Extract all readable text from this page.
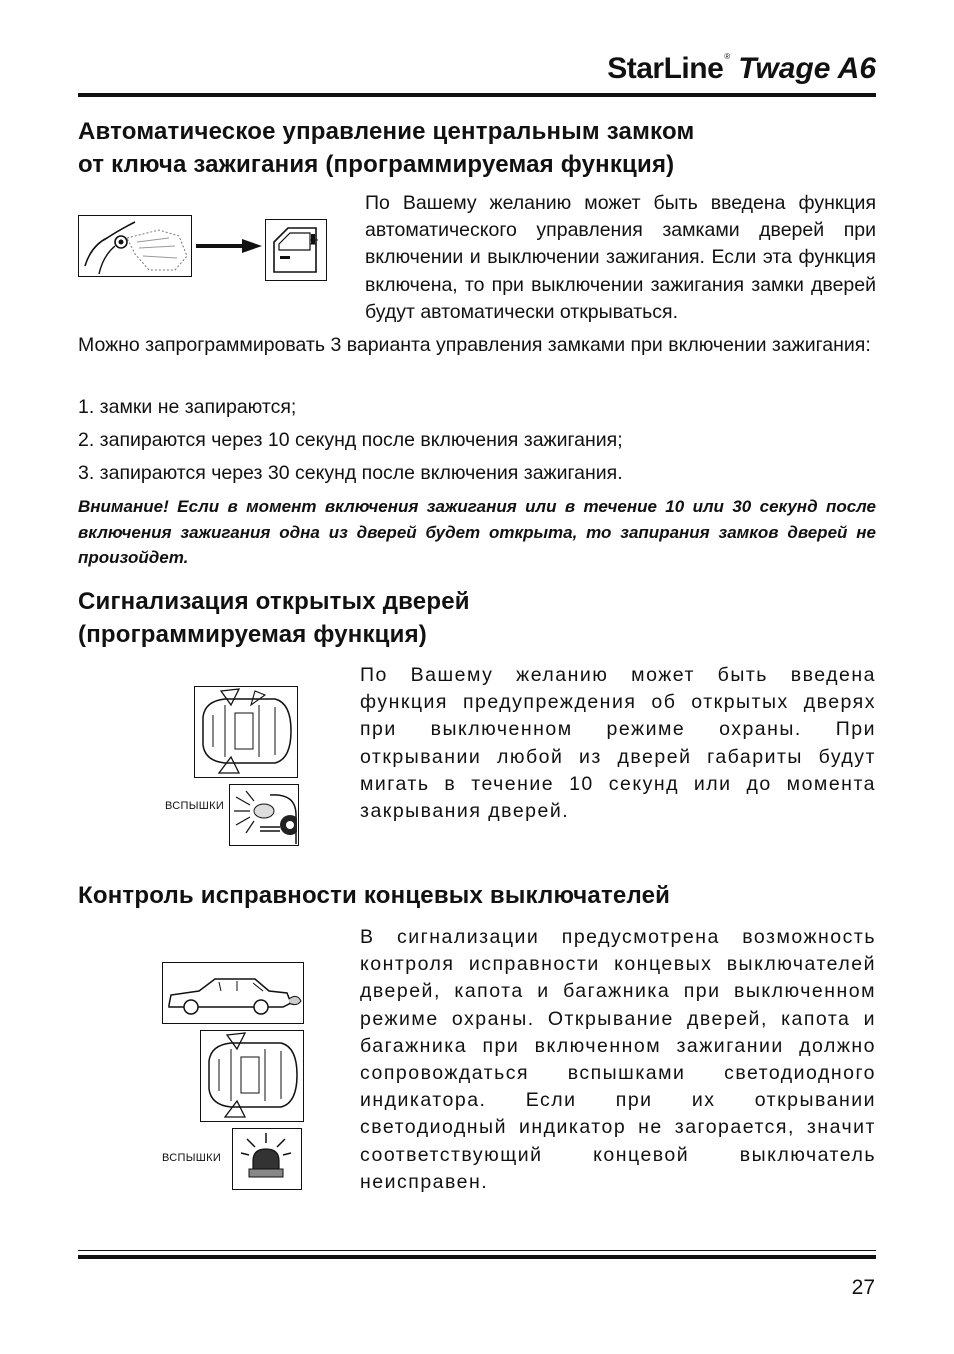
StarLine® Twage A6
Автоматическое управление центральным замком
от ключа зажигания (программируемая функция)
По Вашему желанию может быть введена функция автоматического управления замками дверей при включении и выключении зажигания. Если эта функция включена, то при выключении зажигания замки дверей будут автоматически открываться.
Можно запрограммировать 3 варианта управления замками при включении зажигания:
1. замки не запираются;
2. запираются через 10 секунд после включения зажигания;
3. запираются через 30 секунд после включения зажигания.
Внимание! Если в момент включения зажигания или в течение 10 или 30 секунд после включения зажигания одна из дверей будет открыта, то запирания замков дверей не произойдет.
Сигнализация открытых дверей
(программируемая функция)
ВСПЫШКИ
По Вашему желанию может быть введена функция предупреждения об открытых дверях при выключенном режиме охраны. При открывании любой из дверей габариты будут мигать в течение 10 секунд или до момента закрывания дверей.
Контроль исправности концевых выключателей
ВСПЫШКИ
В сигнализации предусмотрена возможность контроля исправности концевых выключателей дверей, капота и багажника при выключенном режиме охраны. Открывание дверей, капота и багажника при включенном зажигании должно сопровождаться вспышками светодиодного индикатора. Если при их открывании светодиодный индикатор не загорается, значит соответствующий концевой выключатель неисправен.
27
